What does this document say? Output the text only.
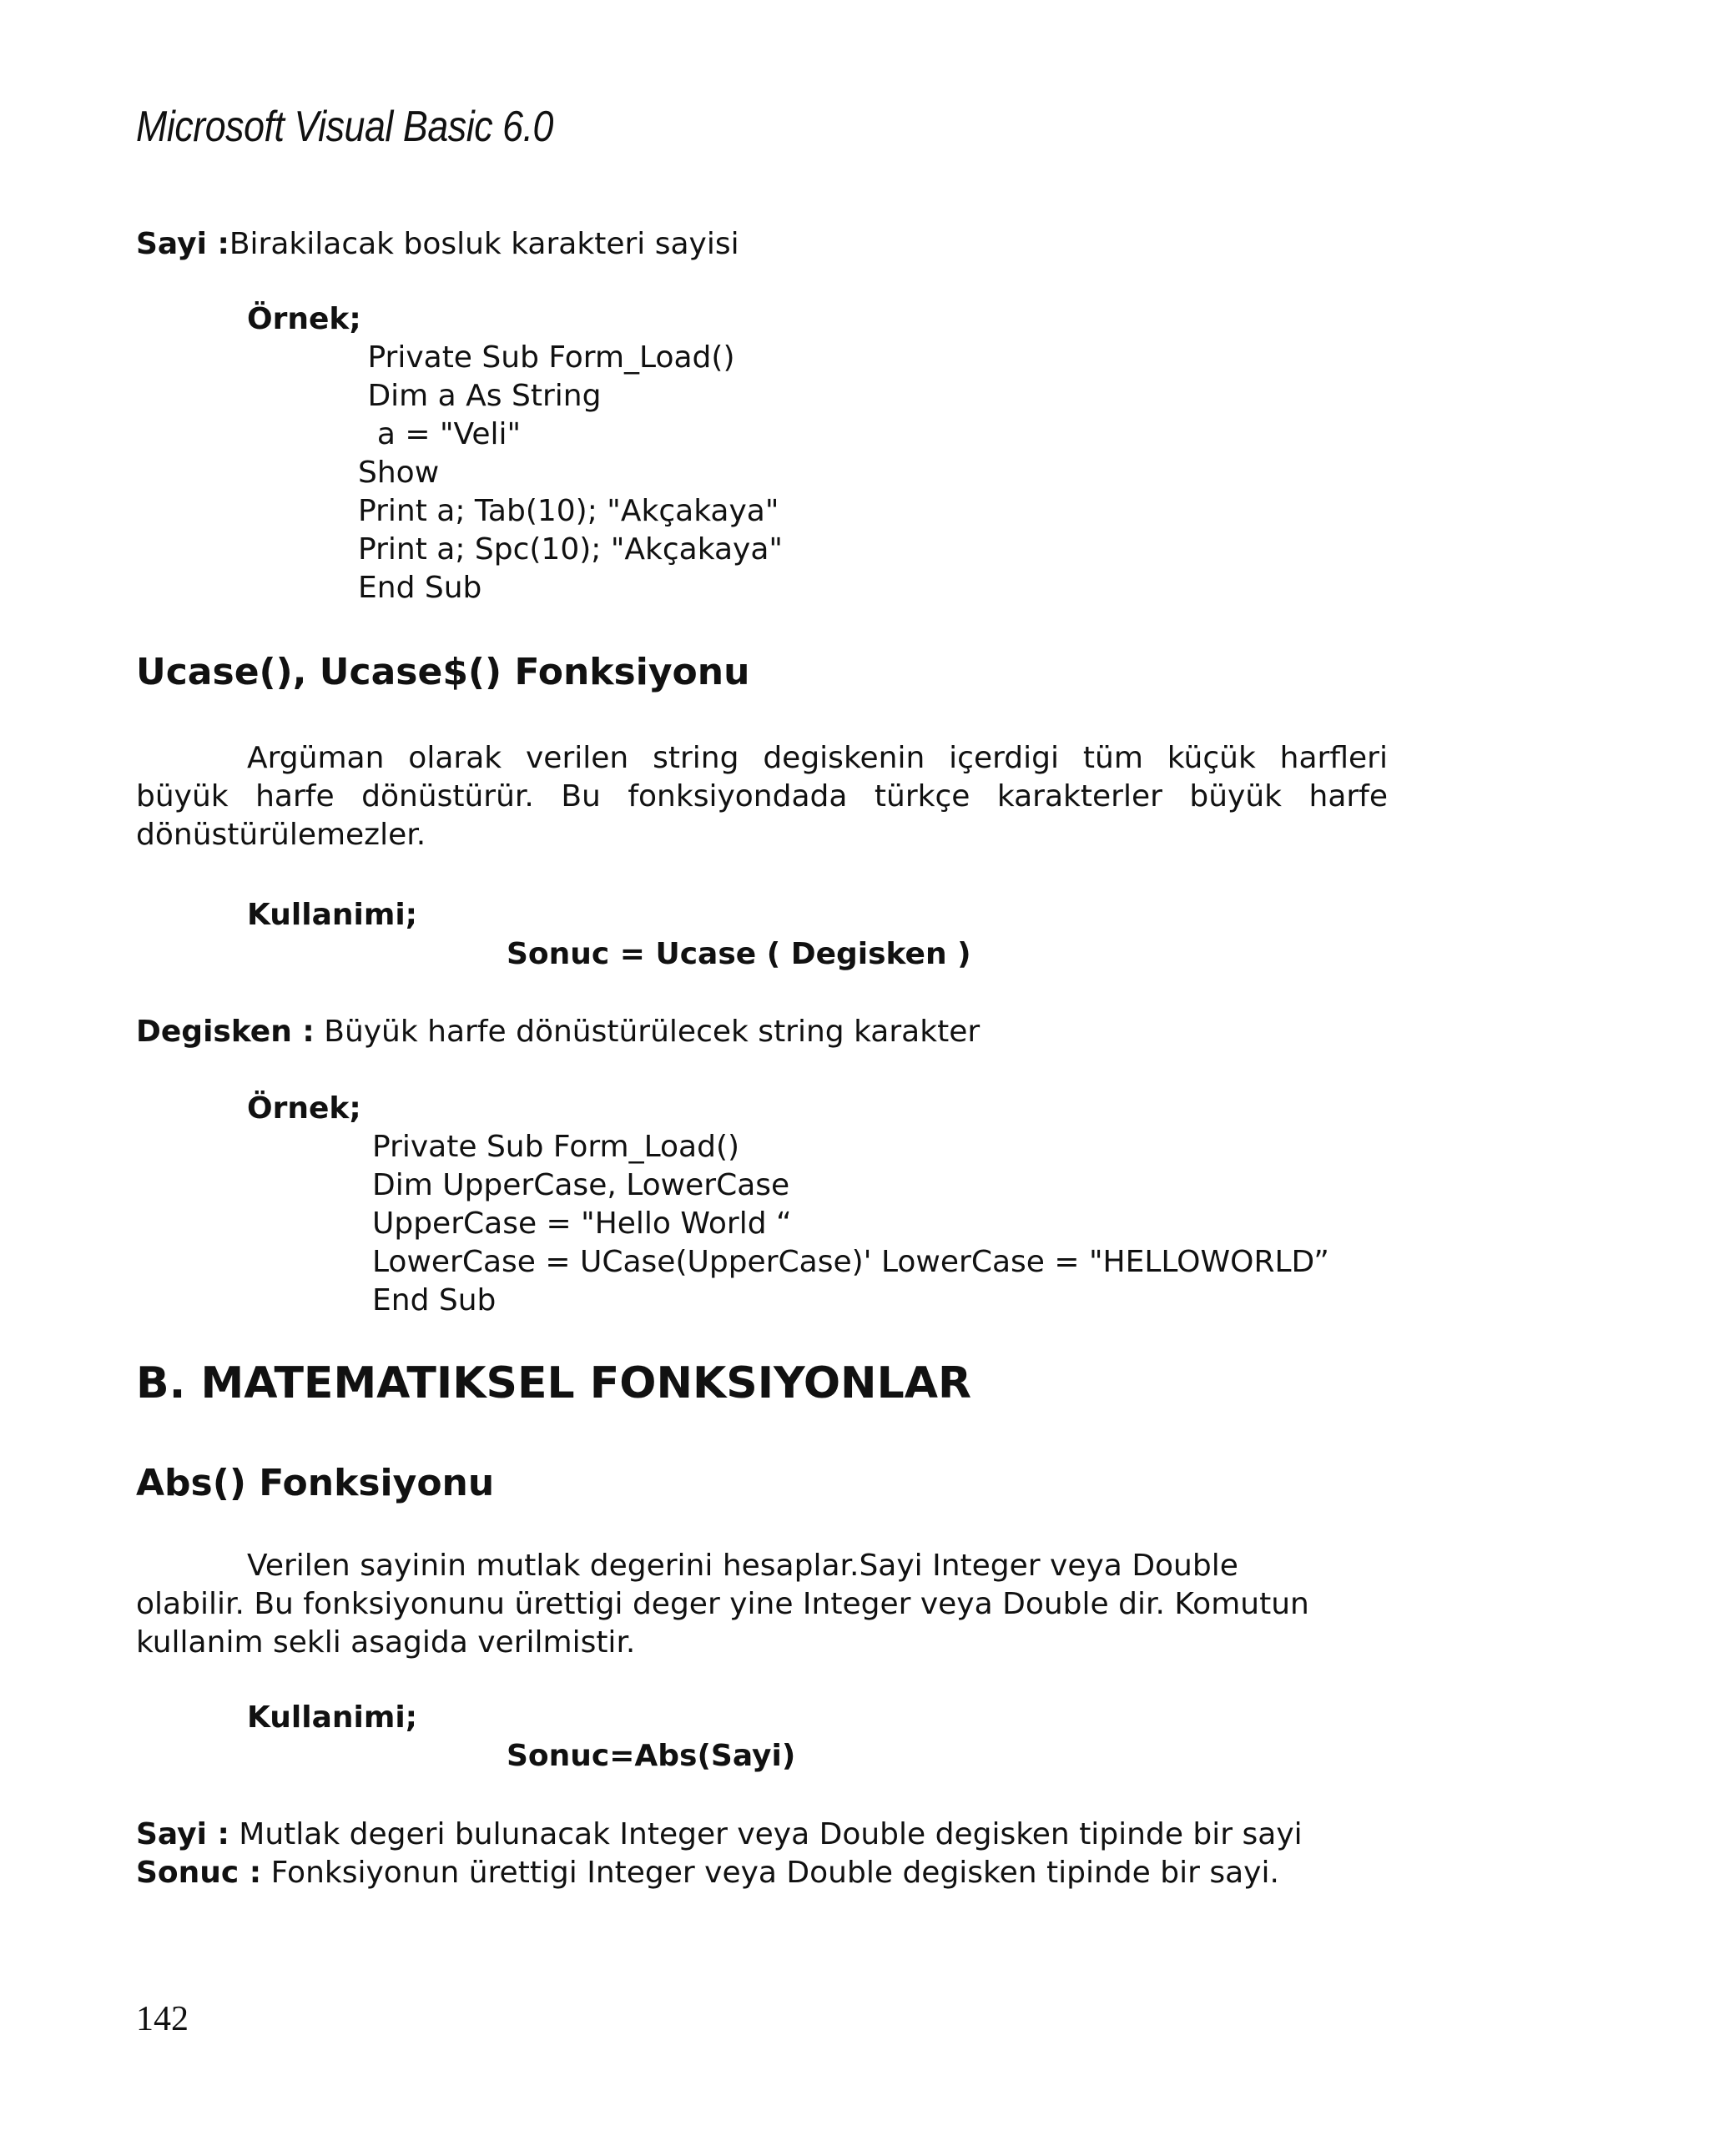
Microsoft Visual Basic 6.0
Sayi :Birakilacak bosluk karakteri sayisi
Örnek;
Private Sub Form_Load()
Dim a As String
a = "Veli"
Show
Print a; Tab(10); "Akçakaya"
Print a; Spc(10); "Akçakaya"
End Sub
Ucase(), Ucase$() Fonksiyonu
Argüman olarak verilen string degiskenin içerdigi tüm küçük harfleri
büyük harfe dönüstürür. Bu fonksiyondada türkçe karakterler büyük harfe
dönüstürülemezler.
Kullanimi;
Sonuc = Ucase ( Degisken )
Degisken : Büyük harfe dönüstürülecek string karakter
Örnek;
Private Sub Form_Load()
Dim UpperCase, LowerCase
UpperCase = "Hello World “
LowerCase = UCase(UpperCase)' LowerCase = "HELLOWORLD”
End Sub
B. MATEMATIKSEL FONKSIYONLAR
Abs() Fonksiyonu
Verilen sayinin mutlak degerini hesaplar.Sayi Integer veya Double
olabilir. Bu fonksiyonunu ürettigi deger yine Integer veya Double dir. Komutun
kullanim sekli asagida verilmistir.
Kullanimi;
Sonuc=Abs(Sayi)
Sayi : Mutlak degeri bulunacak Integer veya Double degisken tipinde bir sayi
Sonuc : Fonksiyonun ürettigi Integer veya Double degisken tipinde bir sayi.
142
